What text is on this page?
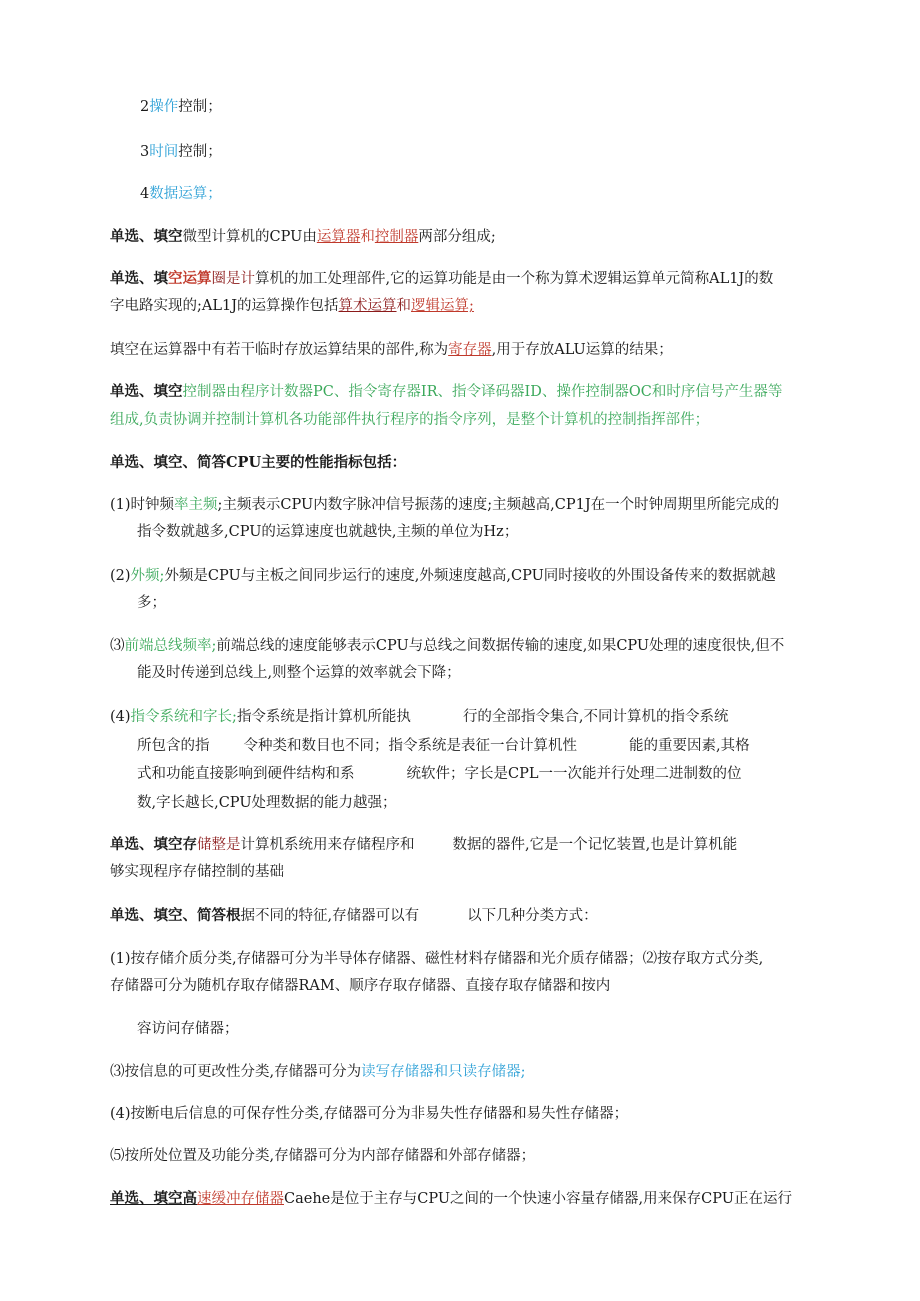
2操作控制；
3时间控制；
4数据运算；
单选、填空微型计算机的CPU由运算器和控制器两部分组成;
单选、填空运算圈是计算机的加工处理部件,它的运算功能是由一个称为算术逻辑运算单元简称AL1J的数
字电路实现的;AL1J的运算操作包括算术运算和逻辑运算;
填空在运算器中有若干临时存放运算结果的部件,称为寄存器,用于存放ALU运算的结果；
单选、填空控制器由程序计数器PC、指令寄存器IR、指令译码器ID、操作控制器OC和时序信号产生器等
组成,负责协调并控制计算机各功能部件执行程序的指令序列，是整个计算机的控制指挥部件；
单选、填空、简答CPU主要的性能指标包括：
(1)时钟频率主频;主频表示CPU内数字脉冲信号振荡的速度;主频越高,CP1J在一个时钟周期里所能完成的
指令数就越多,CPU的运算速度也就越快,主频的单位为Hz；
(2)外频;外频是CPU与主板之间同步运行的速度,外频速度越高,CPU同时接收的外围设备传来的数据就越
多；
⑶前端总线频率;前端总线的速度能够表示CPU与总线之间数据传输的速度,如果CPU处理的速度很快,但不
能及时传递到总线上,则整个运算的效率就会下降；
(4)指令系统和字长;指令系统是指计算机所能执	行的全部指令集合,不同计算机的指令系统
所包含的指 令种类和数目也不同；指令系统是表征一台计算机性	能的重要因素,其格
式和功能直接影响到硬件结构和系	统软件；字长是CPL一一次能并行处理二进制数的位
数,字长越长,CPU处理数据的能力越强；
单选、填空存储整是计算机系统用来存储程序和	数据的器件,它是一个记忆装置,也是计算机能
够实现程序存储控制的基础
单选、填空、简答根据不同的特征,存储器可以有	以下几种分类方式：
(1)按存储介质分类,存储器可分为半导体存储器、磁性材料存储器和光介质存储器；⑵按存取方式分类,
存储器可分为随机存取存储器RAM、顺序存取存储器、直接存取存储器和按内
容访问存储器；
⑶按信息的可更改性分类,存储器可分为读写存储器和只读存储器;
(4)按断电后信息的可保存性分类,存储器可分为非易失性存储器和易失性存储器；
⑸按所处位置及功能分类,存储器可分为内部存储器和外部存储器；
单选、填空高速缓冲存储器Caehe是位于主存与CPU之间的一个快速小容量存储器,用来保存CPU正在运行
